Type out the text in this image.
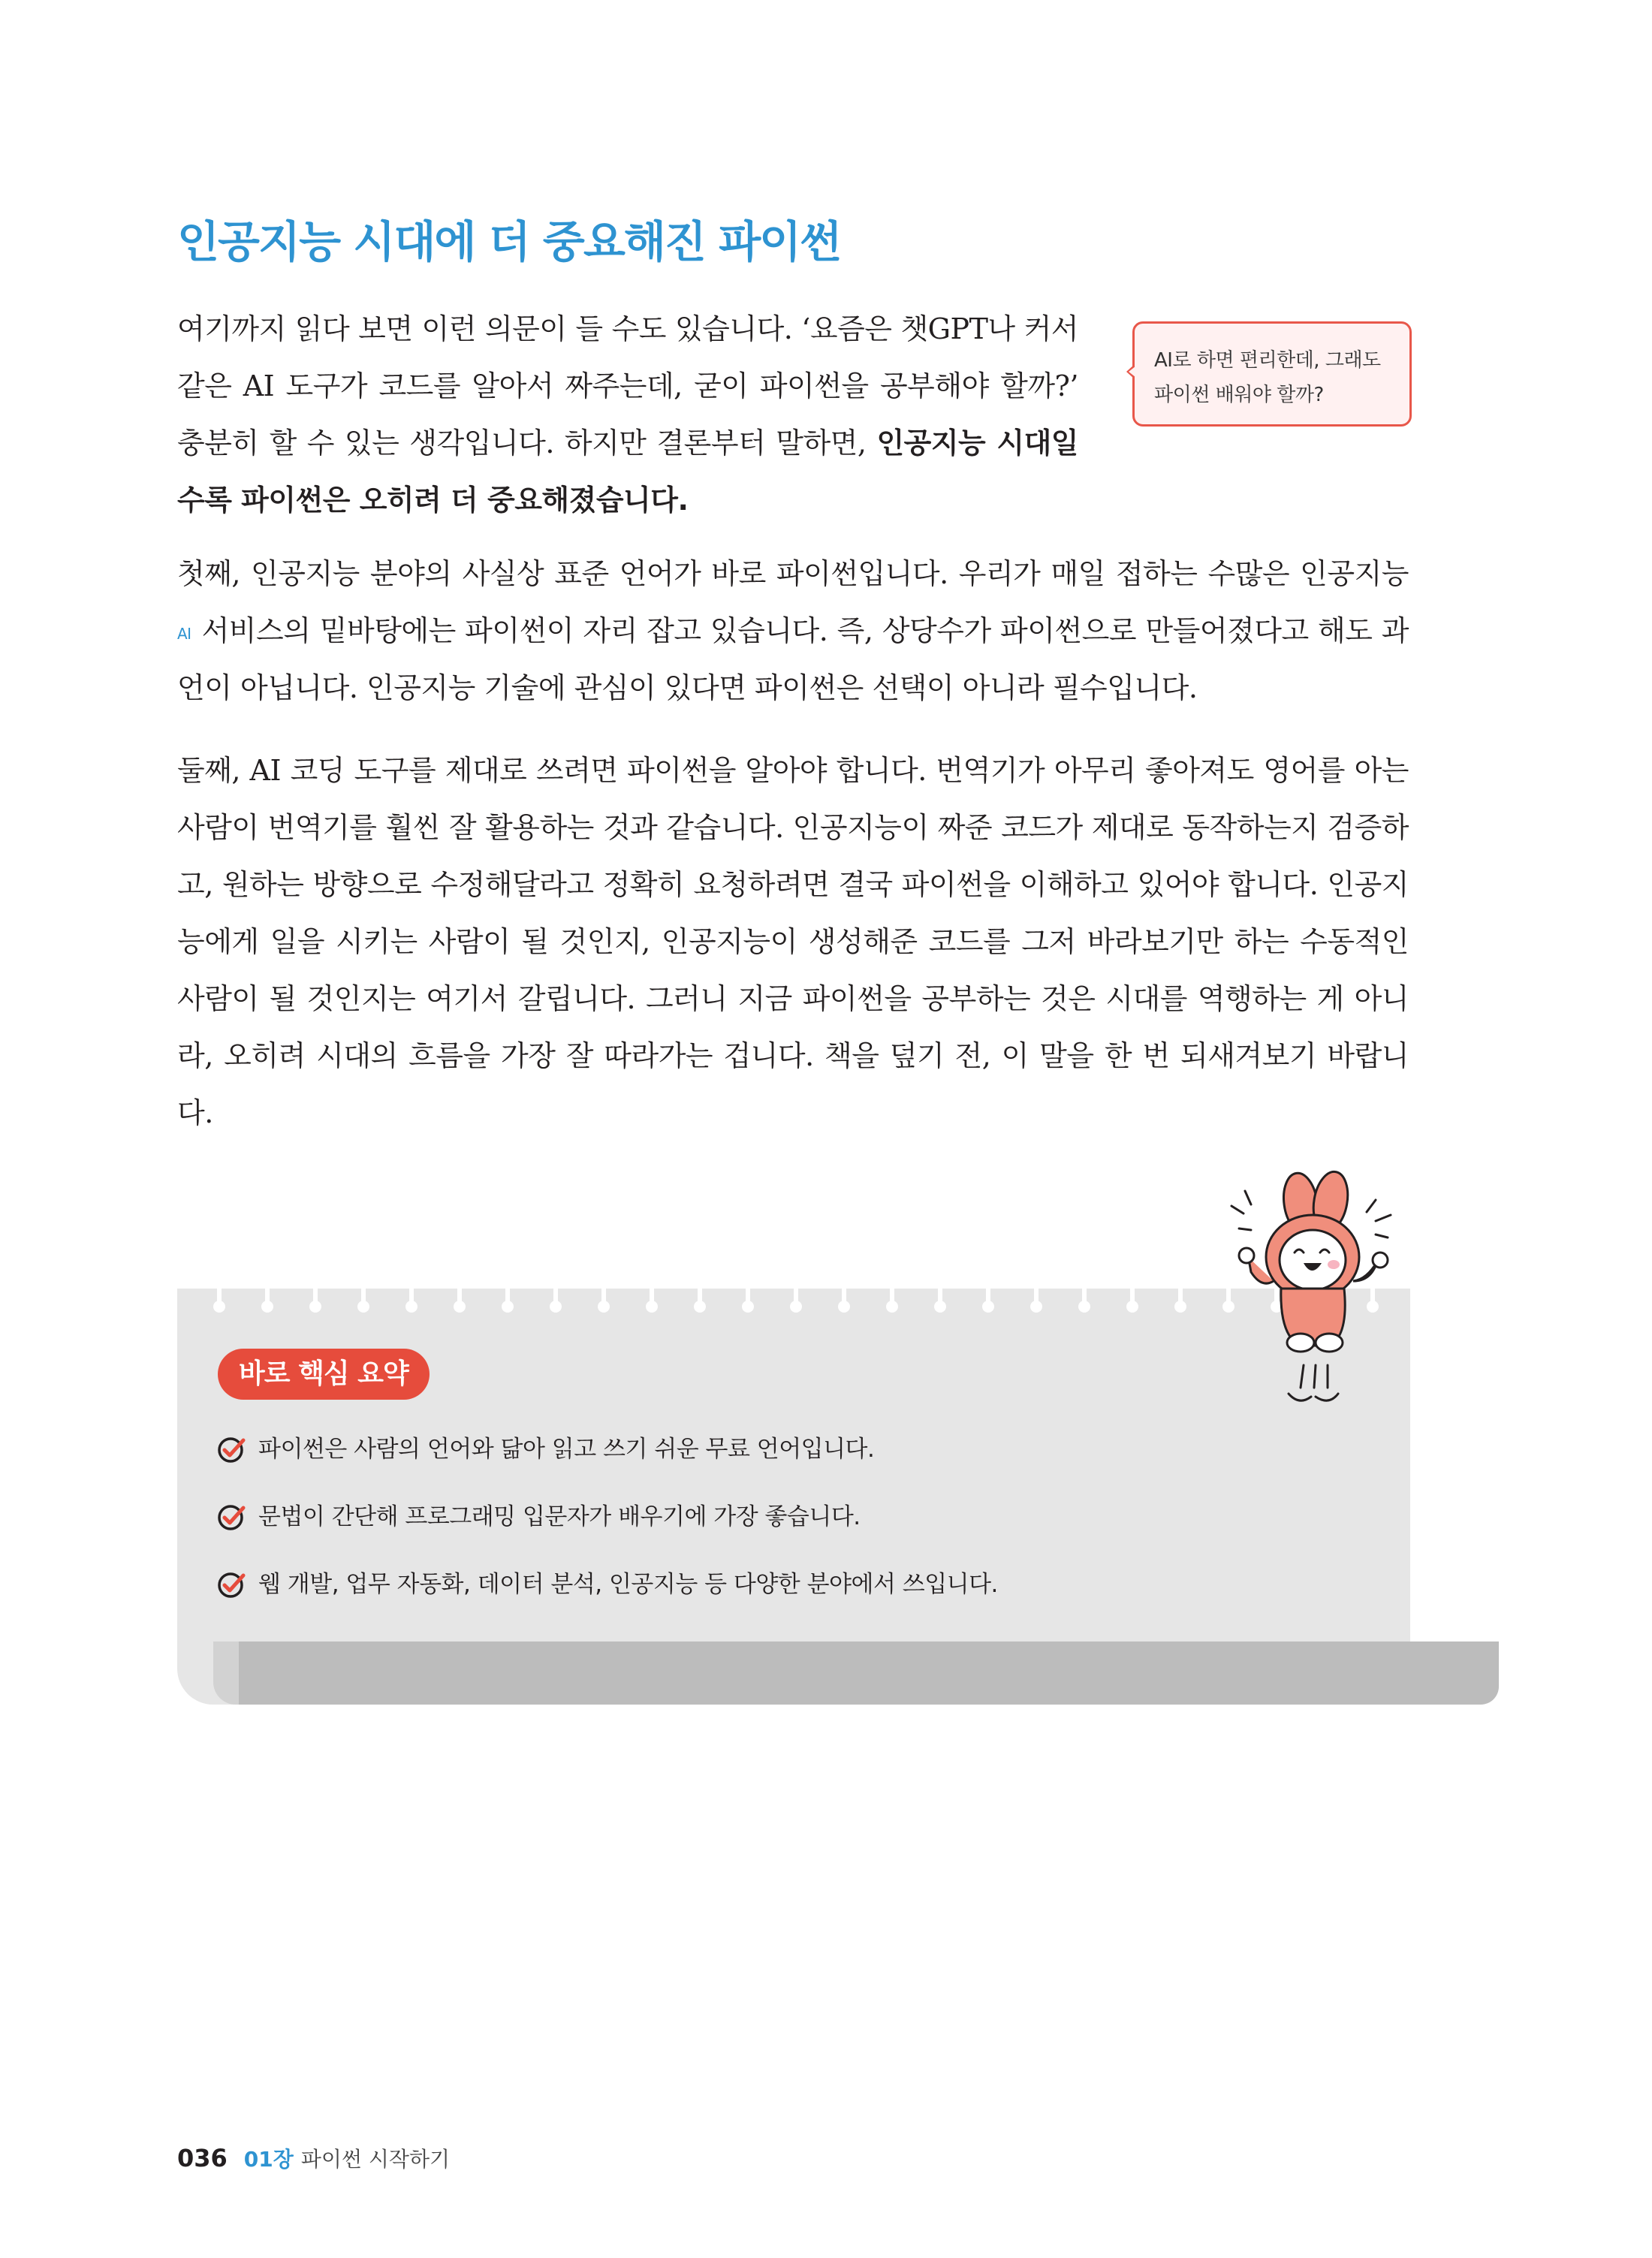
인공지능 시대에 더 중요해진 파이썬

여기까지 읽다 보면 이런 의문이 들 수도 있습니다. ‘요즘은 챗GPT나 커서 같은 AI 도구가 코드를 알아서 짜주는데, 굳이 파이썬을 공부해야 할까?’ 충분히 할 수 있는 생각입니다. 하지만 결론부터 말하면, 인공지능 시대일수록 파이썬은 오히려 더 중요해졌습니다.

AI로 하면 편리한데, 그래도
파이썬 배워야 할까?

첫째, 인공지능 분야의 사실상 표준 언어가 바로 파이썬입니다. 우리가 매일 접하는 수많은 인공지능 $^{AI}$ 서비스의 밑바탕에는 파이썬이 자리 잡고 있습니다. 즉, 상당수가 파이썬으로 만들어졌다고 해도 과언이 아닙니다. 인공지능 기술에 관심이 있다면 파이썬은 선택이 아니라 필수입니다.

둘째, AI 코딩 도구를 제대로 쓰려면 파이썬을 알아야 합니다. 번역기가 아무리 좋아져도 영어를 아는 사람이 번역기를 훨씬 잘 활용하는 것과 같습니다. 인공지능이 짜준 코드가 제대로 동작하는지 검증하고, 원하는 방향으로 수정해달라고 정확히 요청하려면 결국 파이썬을 이해하고 있어야 합니다. 인공지능에게 일을 시키는 사람이 될 것인지, 인공지능이 생성해준 코드를 그저 바라보기만 하는 수동적인 사람이 될 것인지는 여기서 갈립니다. 그러니 지금 파이썬을 공부하는 것은 시대를 역행하는 게 아니라, 오히려 시대의 흐름을 가장 잘 따라가는 겁니다. 책을 덮기 전, 이 말을 한 번 되새겨보기 바랍니다.

바로 핵심 요약
파이썬은 사람의 언어와 닮아 읽고 쓰기 쉬운 무료 언어입니다.
문법이 간단해 프로그래밍 입문자가 배우기에 가장 좋습니다.
웹 개발, 업무 자동화, 데이터 분석, 인공지능 등 다양한 분야에서 쓰입니다.
036 01장 파이썬 시작하기
